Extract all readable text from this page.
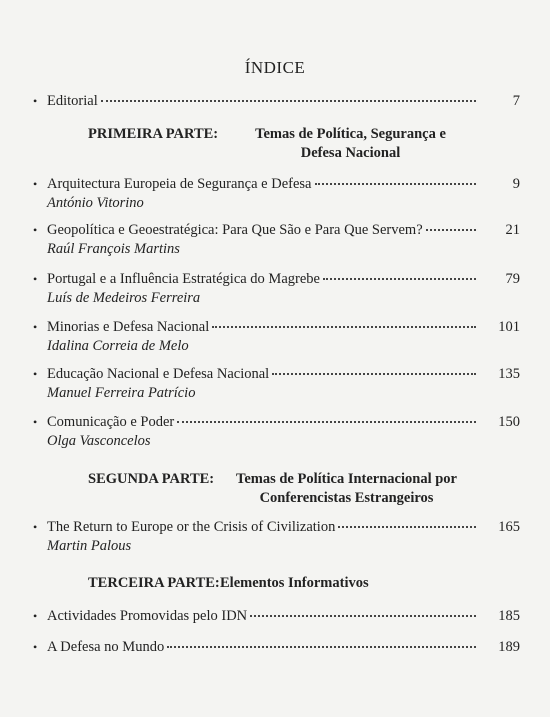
ÍNDICE
• Editorial	7
PRIMEIRA PARTE:	Temas de Política, Segurança e
Defesa Nacional
• Arquitectura Europeia de Segurança e Defesa	9
António Vitorino
• Geopolítica e Geoestratégica: Para Que São e Para Que Servem?	21
Raúl François Martins
• Portugal e a Influência Estratégica do Magrebe	79
Luís de Medeiros Ferreira
• Minorias e Defesa Nacional	101
Idalina Correia de Melo
• Educação Nacional e Defesa Nacional	135
Manuel Ferreira Patrício
• Comunicação e Poder	150
Olga Vasconcelos
SEGUNDA PARTE:	Temas de Política Internacional por
Conferencistas Estrangeiros
• The Return to Europe or the Crisis of Civilization	165
Martin Palous
TERCEIRA PARTE: Elementos Informativos
• Actividades Promovidas pelo IDN	185
• A Defesa no Mundo	189
